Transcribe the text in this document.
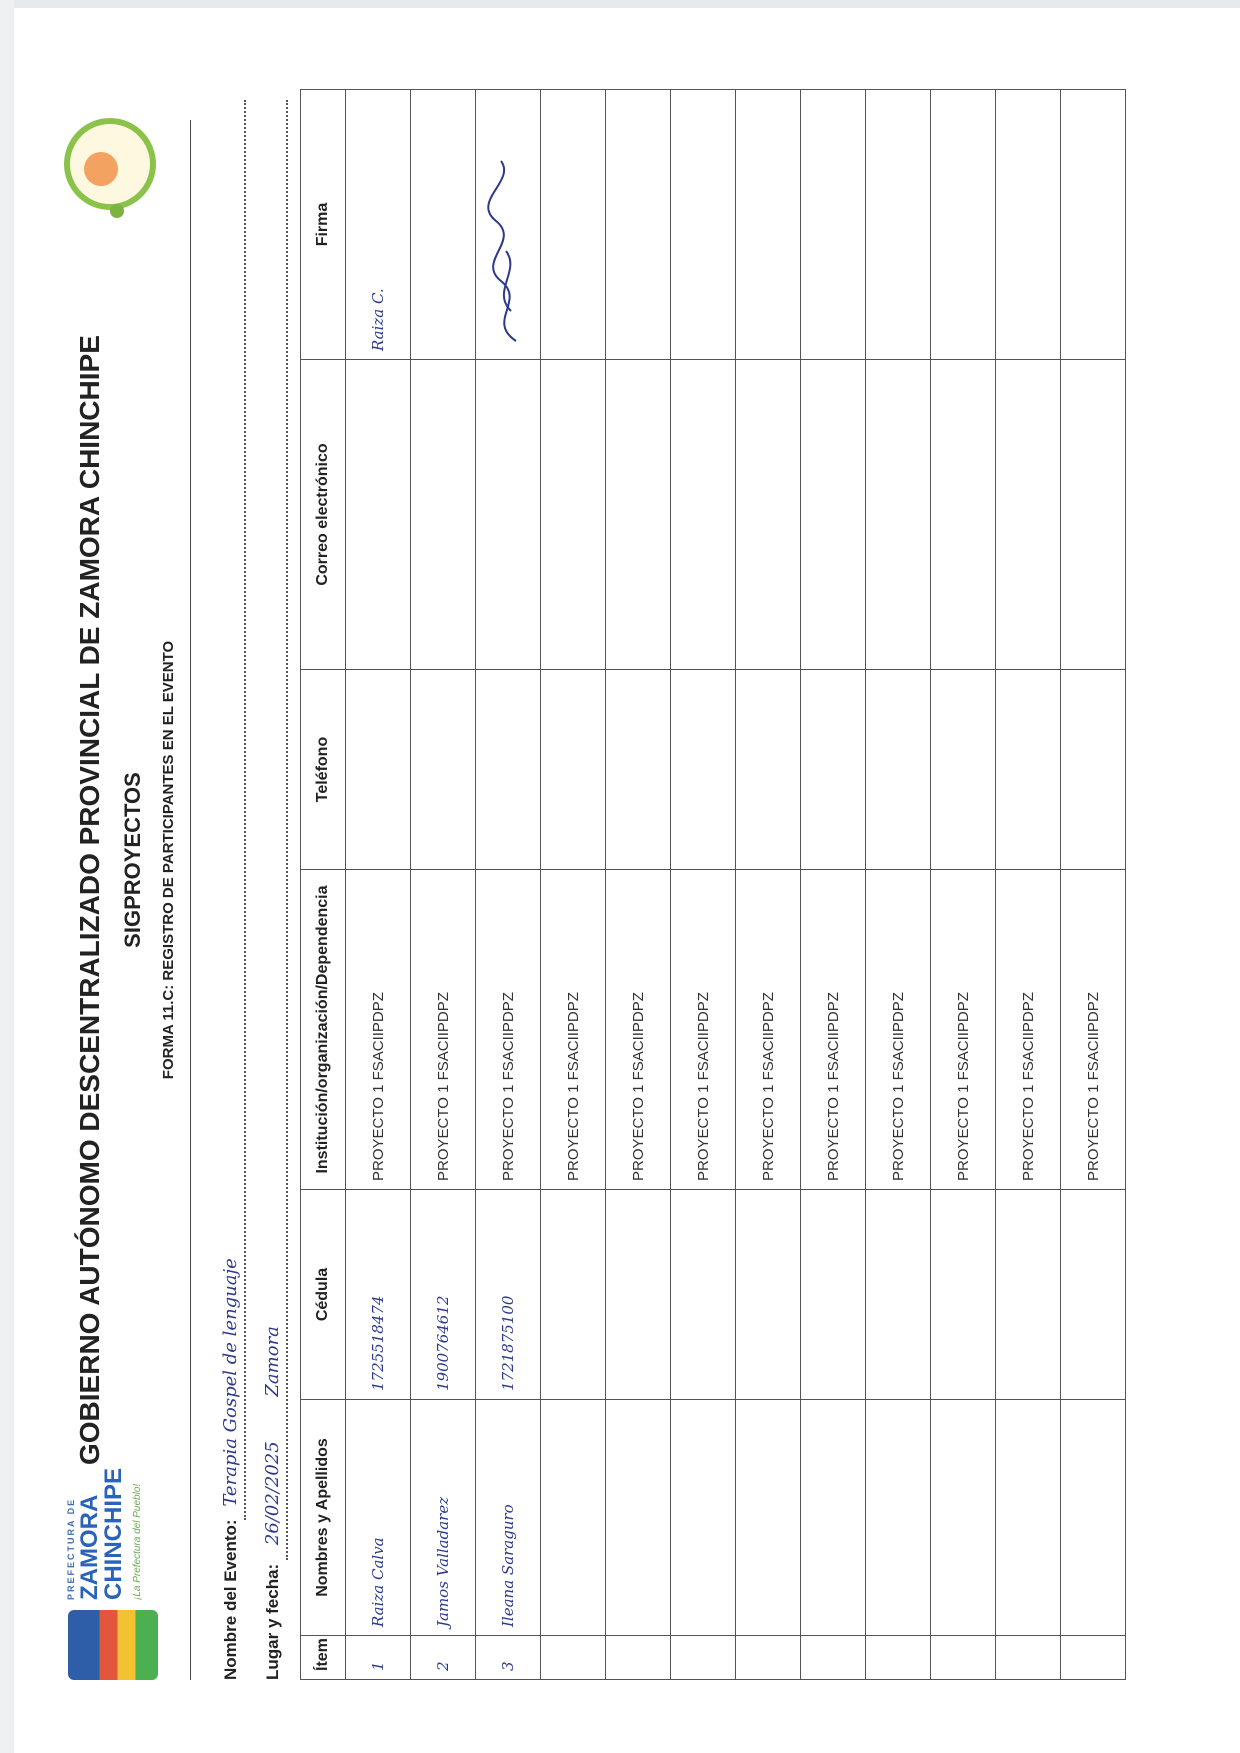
PREFECTURA DE ZAMORA
CHINCHIPE ¡La Prefectura del Pueblo!
GOBIERNO AUTÓNOMO DESCENTRALIZADO PROVINCIAL DE ZAMORA CHINCHIPE SIGPROYECTOS FORMA 11.C: REGISTRO DE PARTICIPANTES EN EL EVENTO
Nombre del Evento: Terapia Gospel de lenguaje
Lugar y fecha: 26/02/2025 Zamora
Ítem	Nombres y Apellidos	Cédula	Institución/organización/Dependencia	Teléfono	Correo electrónico	Firma
1	Raiza Calva	1725518474	PROYECTO 1 FSACIIPDPZ			Raiza C.
2	Jamos Valladarez	1900764612	PROYECTO 1 FSACIIPDPZ			
3	Ileana Saraguro	1721875100	PROYECTO 1 FSACIIPDPZ			
			PROYECTO 1 FSACIIPDPZ			
			PROYECTO 1 FSACIIPDPZ			
			PROYECTO 1 FSACIIPDPZ			
			PROYECTO 1 FSACIIPDPZ			
			PROYECTO 1 FSACIIPDPZ			
			PROYECTO 1 FSACIIPDPZ			
			PROYECTO 1 FSACIIPDPZ			
			PROYECTO 1 FSACIIPDPZ			
			PROYECTO 1 FSACIIPDPZ			
